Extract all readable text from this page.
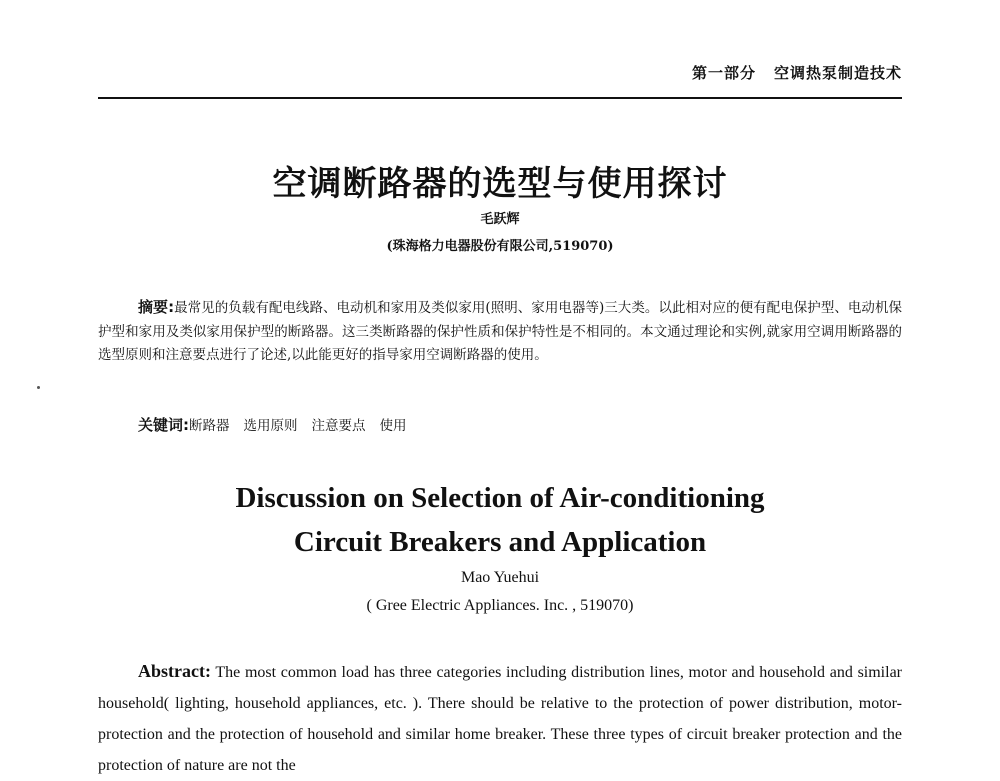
第一部分 空调热泵制造技术
空调断路器的选型与使用探讨
毛跃辉
(珠海格力电器股份有限公司,519070)
摘要:最常见的负载有配电线路、电动机和家用及类似家用(照明、家用电器等)三大类。以此相对应的便有配电保护型、电动机保护型和家用及类似家用保护型的断路器。这三类断路器的保护性质和保护特性是不相同的。本文通过理论和实例,就家用空调用断路器的选型原则和注意要点进行了论述,以此能更好的指导家用空调断路器的使用。
关键词:断路器 选用原则 注意要点 使用
Discussion on Selection of Air-conditioning
Circuit Breakers and Application
Mao Yuehui
( Gree Electric Appliances. Inc. , 519070)
Abstract: The most common load has three categories including distribution lines, motor and household and similar household( lighting, household appliances, etc. ). There should be relative to the protection of power distribution, motor-protection and the protection of household and similar home breaker. These three types of circuit breaker protection and the protection of nature are not the
